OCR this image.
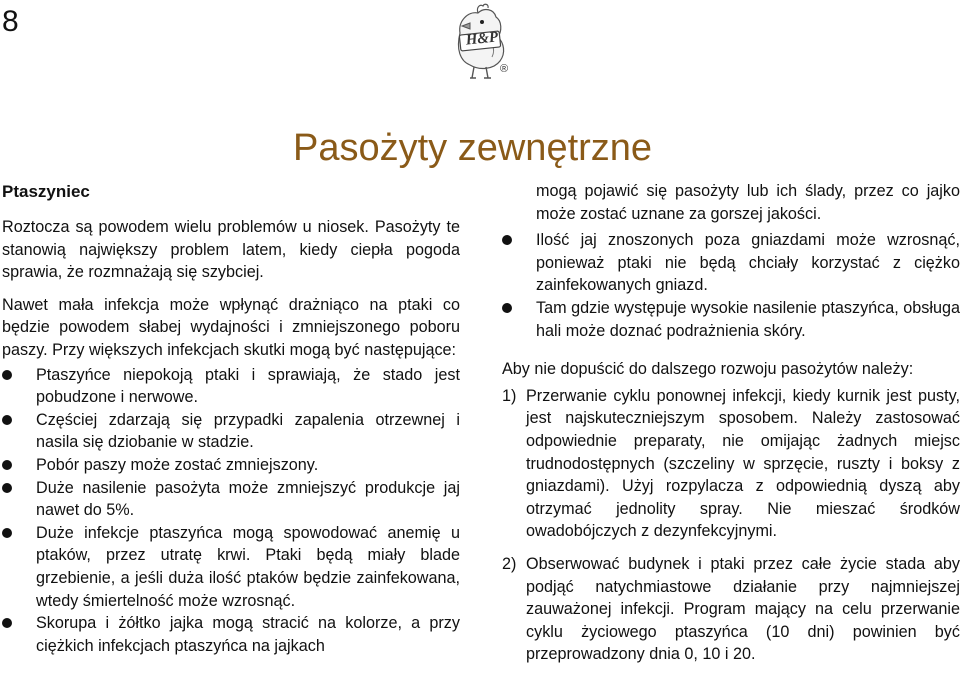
8
H&P
®
Pasożyty zewnętrzne
Ptaszyniec

Roztocza są powodem wielu problemów u niosek. Pasożyty te stanowią największy problem latem, kiedy ciepła pogoda sprawia, że rozmnażają się szybciej.

Nawet mała infekcja może wpłynąć drażniąco na ptaki co będzie powodem słabej wydajności i zmniejszonego poboru paszy. Przy większych infekcjach skutki mogą być następujące:

Ptaszyńce niepokoją ptaki i sprawiają, że stado jest pobudzone i nerwowe.
Częściej zdarzają się przypadki zapalenia otrzewnej i nasila się dziobanie w stadzie.
Pobór paszy może zostać zmniejszony.
Duże nasilenie pasożyta może zmniejszyć produkcje jaj nawet do 5%.
Duże infekcje ptaszyńca mogą spowodować anemię u ptaków, przez utratę krwi. Ptaki będą miały blade grzebienie, a jeśli duża ilość ptaków będzie zainfekowana, wtedy śmiertelność może wzrosnąć.
Skorupa i żółtko jajka mogą stracić na kolorze, a przy ciężkich infekcjach ptaszyńca na jajkach
mogą pojawić się pasożyty lub ich ślady, przez co jajko może zostać uznane za gorszej jakości.
Ilość jaj znoszonych poza gniazdami może wzrosnąć, ponieważ ptaki nie będą chciały korzystać z ciężko zainfekowanych gniazd.
Tam gdzie występuje wysokie nasilenie ptaszyńca, obsługa hali może doznać podrażnienia skóry.

Aby nie dopuścić do dalszego rozwoju pasożytów należy:

1) Przerwanie cyklu ponownej infekcji, kiedy kurnik jest pusty, jest najskuteczniejszym sposobem. Należy zastosować odpowiednie preparaty, nie omijając żadnych miejsc trudnodostępnych (szczeliny w sprzęcie, ruszty i boksy z gniazdami). Użyj rozpylacza z odpowiednią dyszą aby otrzymać jednolity spray. Nie mieszać środków owadobójczych z dezynfekcyjnymi.
2) Obserwować budynek i ptaki przez całe życie stada aby podjąć natychmiastowe działanie przy najmniejszej zauważonej infekcji. Program mający na celu przerwanie cyklu życiowego ptaszyńca (10 dni) powinien być przeprowadzony dnia 0, 10 i 20.
